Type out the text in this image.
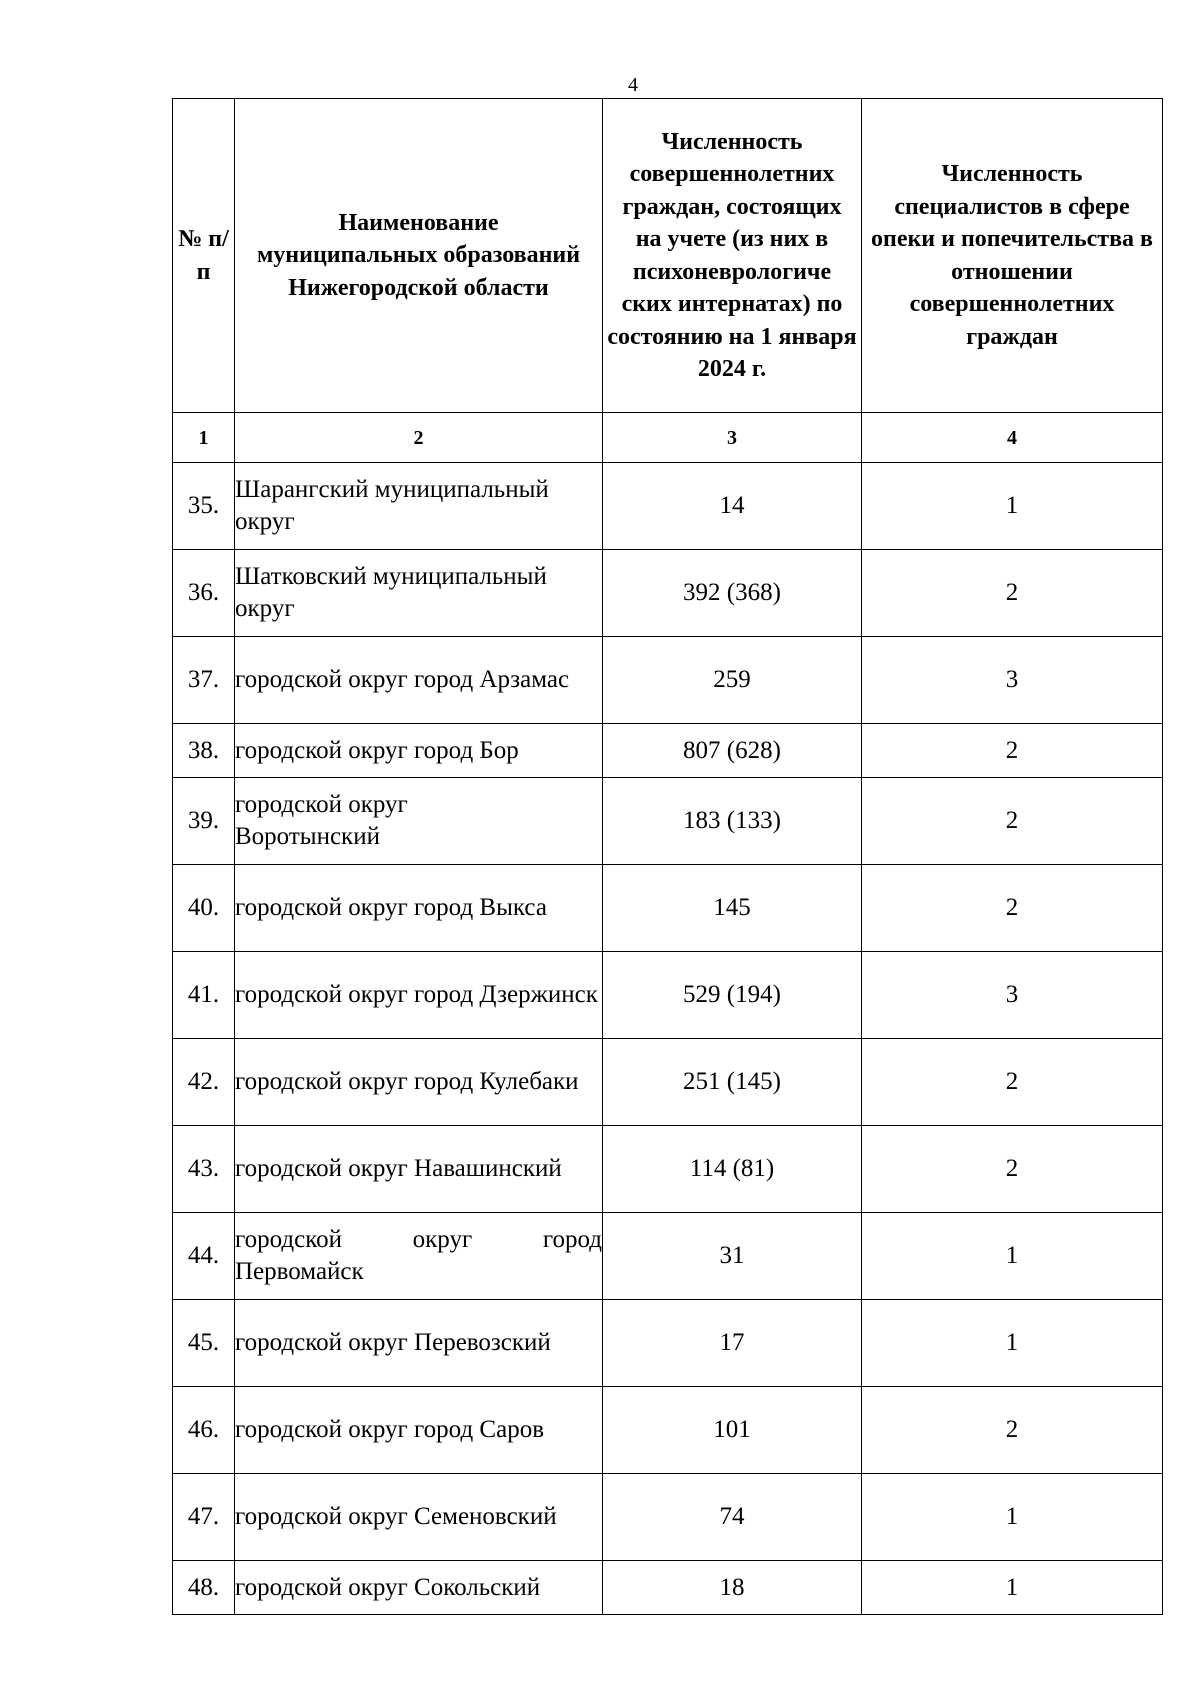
4
№ п/п	Наименование муниципальных образований Нижегородской области	Численность совершеннолетних граждан, состоящих на учете (из них в психоневрологиче ских интернатах) по состоянию на 1 января 2024 г.	Численность специалистов в сфере опеки и попечительства в отношении совершеннолетних граждан
1	2	3	4
35.	Шарангский муниципальный округ	14	1
36.	Шатковский муниципальный округ	392 (368)	2
37.	городской округ город Арзамас	259	3
38.	городской округ город Бор	807 (628)	2
39.	городской округ Воротынский	183 (133)	2
40.	городской округ город Выкса	145	2
41.	городской округ город Дзержинск	529 (194)	3
42.	городской округ город Кулебаки	251 (145)	2
43.	городской округ Навашинский	114 (81)	2
44.	городской округ город Первомайск	31	1
45.	городской округ Перевозский	17	1
46.	городской округ город Саров	101	2
47.	городской округ Семеновский	74	1
48.	городской округ Сокольский	18	1
